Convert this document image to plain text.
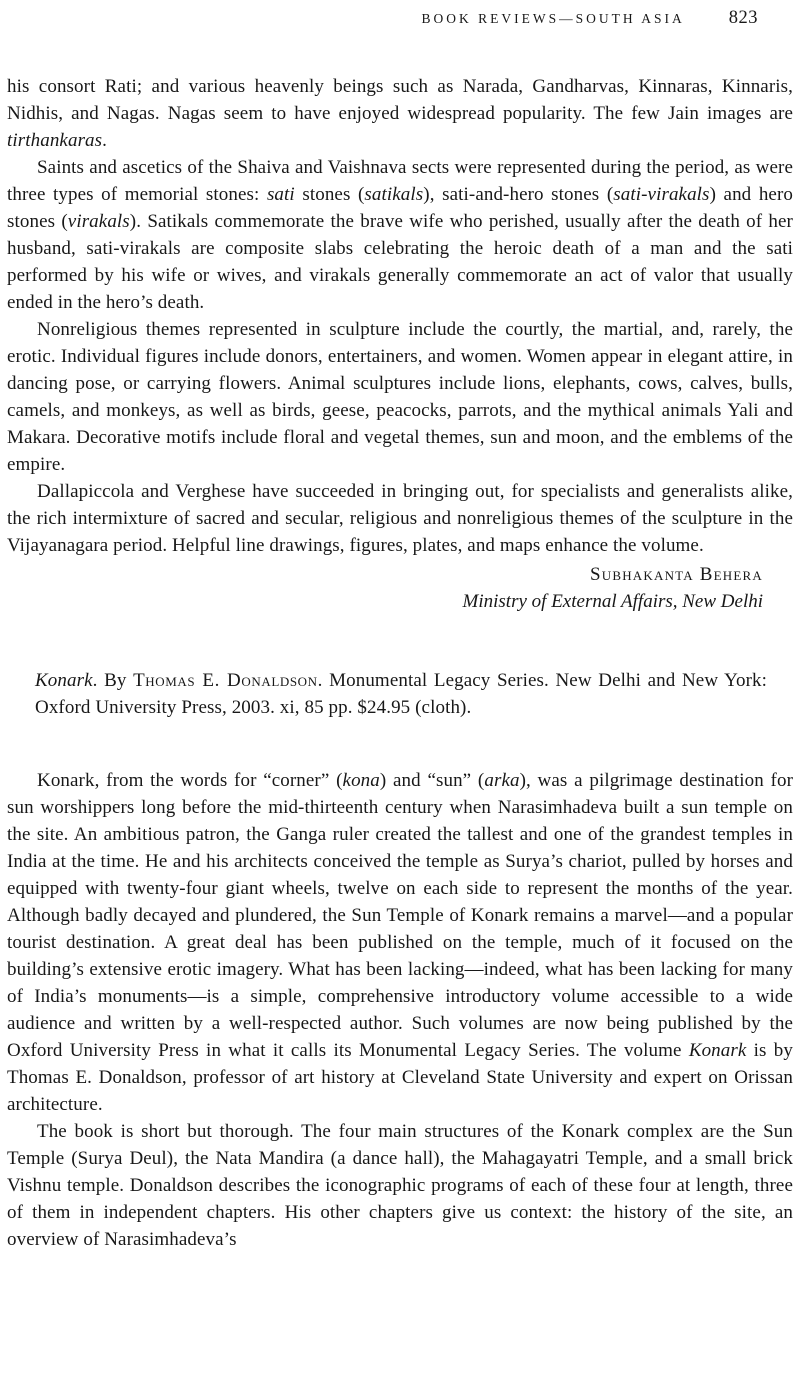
BOOK REVIEWS—SOUTH ASIA 823

his consort Rati; and various heavenly beings such as Narada, Gandharvas, Kinnaras, Kinnaris, Nidhis, and Nagas. Nagas seem to have enjoyed widespread popularity. The few Jain images are tirthankaras.

Saints and ascetics of the Shaiva and Vaishnava sects were represented during the period, as were three types of memorial stones: sati stones (satikals), sati-and-hero stones (sati-virakals) and hero stones (virakals). Satikals commemorate the brave wife who perished, usually after the death of her husband, sati-virakals are composite slabs celebrating the heroic death of a man and the sati performed by his wife or wives, and virakals generally commemorate an act of valor that usually ended in the hero’s death.

Nonreligious themes represented in sculpture include the courtly, the martial, and, rarely, the erotic. Individual figures include donors, entertainers, and women. Women appear in elegant attire, in dancing pose, or carrying flowers. Animal sculptures include lions, elephants, cows, calves, bulls, camels, and monkeys, as well as birds, geese, peacocks, parrots, and the mythical animals Yali and Makara. Decorative motifs include floral and vegetal themes, sun and moon, and the emblems of the empire.

Dallapiccola and Verghese have succeeded in bringing out, for specialists and generalists alike, the rich intermixture of sacred and secular, religious and nonreligious themes of the sculpture in the Vijayanagara period. Helpful line drawings, figures, plates, and maps enhance the volume.

Subhakanta Behera
Ministry of External Affairs, New Delhi

Konark. By Thomas E. Donaldson. Monumental Legacy Series. New Delhi and New York: Oxford University Press, 2003. xi, 85 pp. $24.95 (cloth).

Konark, from the words for “corner” (kona) and “sun” (arka), was a pilgrimage destination for sun worshippers long before the mid-thirteenth century when Narasimhadeva built a sun temple on the site. An ambitious patron, the Ganga ruler created the tallest and one of the grandest temples in India at the time. He and his architects conceived the temple as Surya’s chariot, pulled by horses and equipped with twenty-four giant wheels, twelve on each side to represent the months of the year. Although badly decayed and plundered, the Sun Temple of Konark remains a marvel—and a popular tourist destination. A great deal has been published on the temple, much of it focused on the building’s extensive erotic imagery. What has been lacking—indeed, what has been lacking for many of India’s monuments—is a simple, comprehensive introductory volume accessible to a wide audience and written by a well-respected author. Such volumes are now being published by the Oxford University Press in what it calls its Monumental Legacy Series. The volume Konark is by Thomas E. Donaldson, professor of art history at Cleveland State University and expert on Orissan architecture.

The book is short but thorough. The four main structures of the Konark complex are the Sun Temple (Surya Deul), the Nata Mandira (a dance hall), the Mahagayatri Temple, and a small brick Vishnu temple. Donaldson describes the iconographic programs of each of these four at length, three of them in independent chapters. His other chapters give us context: the history of the site, an overview of Narasimhadeva’s
